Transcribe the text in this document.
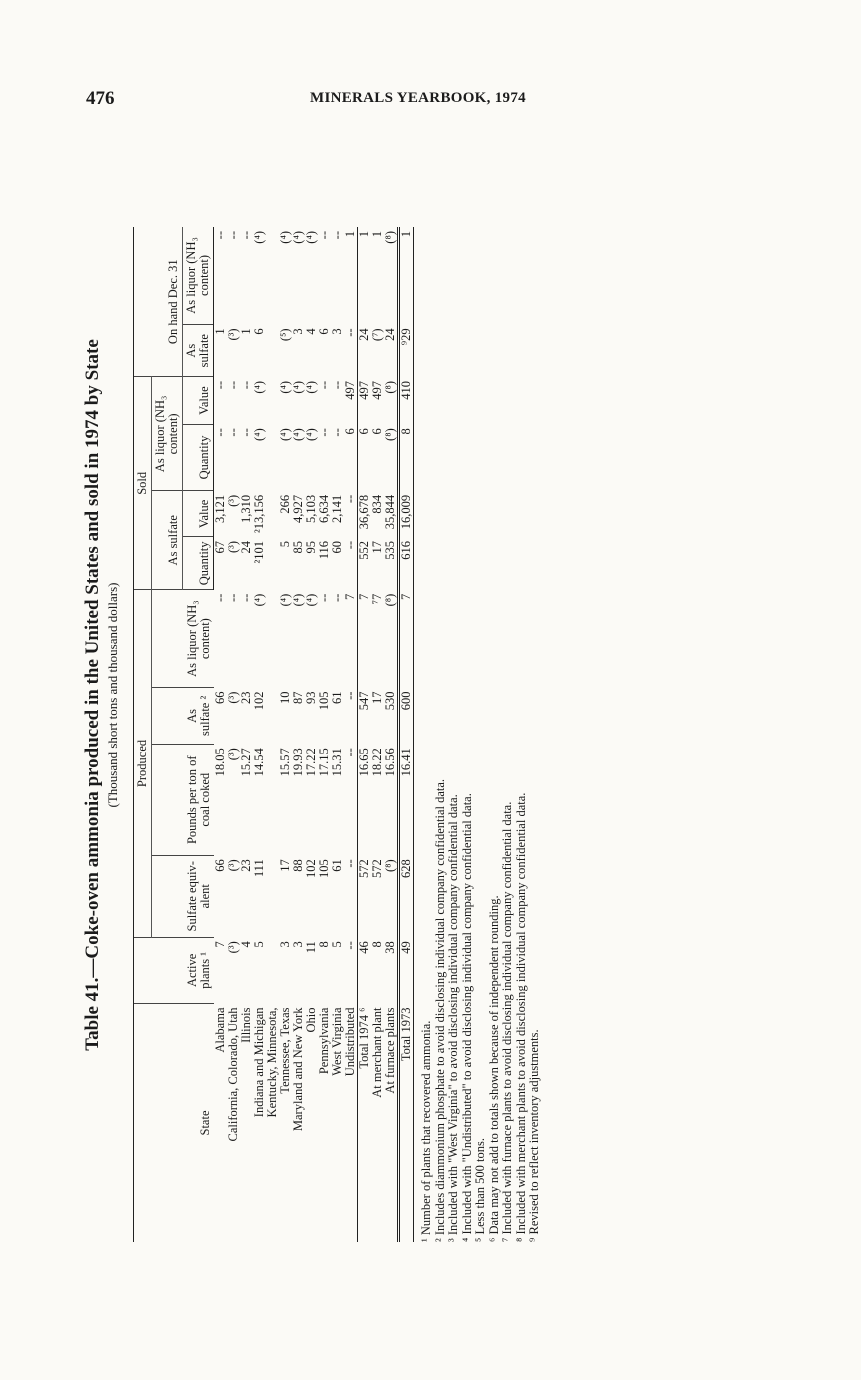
476	MINERALS YEARBOOK, 1974
Table 41.—Coke-oven ammonia produced in the United States and sold in 1974 by State (Thousand short tons and thousand dollars)
State	Active plants ¹	Produced				Sold				On hand Dec. 31	
		Sulfate equiv- alent	Pounds per ton of coal coked	As sulfate ²	As liquor (NH₃ content)	As sulfate		As liquor (NH₃ content)			
						Quantity	Value	Quantity	Value	As sulfate	As liquor (NH₃ content)
Alabama	7	66	18.05	66	--	67	3,121	--	--	1	--
California, Colorado, Utah	(³)	(³)	(³)	(³)	--	(³)	(³)	--	--	(³)	--
Illinois	4	23	15.27	23	--	24	1,310	--	--	1	--
Indiana and Michigan	5	111	14.54	102	(⁴)	²101	²13,156	(⁴)	(⁴)	6	(⁴)
Kentucky, Minnesota,											
Tennessee, Texas	3	17	15.57	10	(⁴)	5	266	(⁴)	(⁴)	(⁵)	(⁴)
Maryland and New York	3	88	19.93	87	(⁴)	85	4,927	(⁴)	(⁴)	3	(⁴)
Ohio	11	102	17.22	93	(⁴)	95	5,103	(⁴)	(⁴)	4	(⁴)
Pennsylvania	8	105	17.15	105	--	116	6,634	--	--	6	--
West Virginia	5	61	15.31	61	--	60	2,141	--	--	3	--
Undistributed	--	--	--	--	7	--	--	6	497	--	1
Total 1974 ⁶	46	572	16.65	547	7	552	36,678	6	497	24	1
At merchant plant	8	572	18.22	17	⁷7	17	834	6	497	(⁷)	1
At furnace plants	38	(⁸)	16.56	530	(⁸)	535	35,844	(⁸)	(⁸)	24	(⁸)
Total 1973	49	628	16.41	600	7	616	16,009	8	410	⁹29	1
¹ Number of plants that recovered ammonia. ² Includes diammonium phosphate to avoid disclosing individual company confidential data. ³ Included with "West Virginia" to avoid disclosing individual company confidential data. ⁴ Included with "Undistributed" to avoid disclosing individual company confidential data. ⁵ Less than 500 tons. ⁶ Data may not add to totals shown because of independent rounding. ⁷ Included with furnace plants to avoid disclosing individual company confidential data. ⁸ Included with merchant plants to avoid disclosing individual company confidential data. ⁹ Revised to reflect inventory adjustments.
